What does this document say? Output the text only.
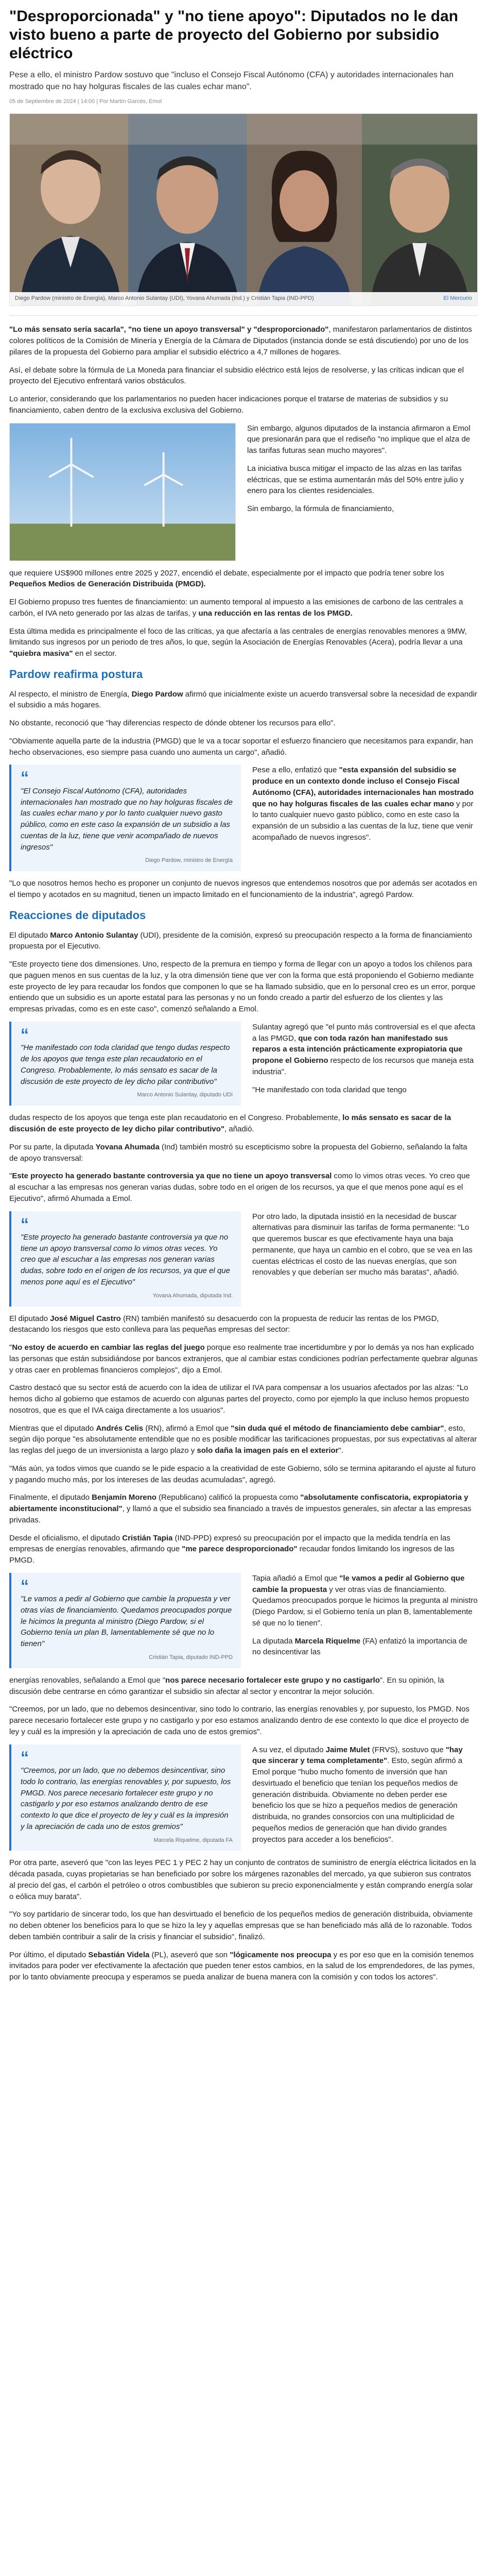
"Desproporcionada" y "no tiene apoyo": Diputados no le dan visto bueno a parte de proyecto del Gobierno por subsidio eléctrico

Pese a ello, el ministro Pardow sostuvo que "incluso el Consejo Fiscal Autónomo (CFA) y autoridades internacionales han mostrado que no hay holguras fiscales de las cuales echar mano".

05 de Septiembre de 2024 | 14:00 | Por Martín Garcés, Emol
Diego Pardow (ministro de Energía), Marco Antonio Sulantay (UDI), Yovana Ahumada (Ind.) y Cristián Tapia (IND-PPD)	El Mercurio

"Lo más sensato sería sacarla", "no tiene un apoyo transversal" y "desproporcionado", manifestaron parlamentarios de distintos colores políticos de la Comisión de Minería y Energía de la Cámara de Diputados (instancia donde se está discutiendo) por uno de los pilares de la propuesta del Gobierno para ampliar el subsidio eléctrico a 4,7 millones de hogares.

Así, el debate sobre la fórmula de La Moneda para financiar el subsidio eléctrico está lejos de resolverse, y las críticas indican que el proyecto del Ejecutivo enfrentará varios obstáculos.

Lo anterior, considerando que los parlamentarios no pueden hacer indicaciones porque el tratarse de materias de subsidios y su financiamiento, caben dentro de la exclusiva exclusiva del Gobierno.

Sin embargo, algunos diputados de la instancia afirmaron a Emol que presionarán para que el rediseño "no implique que el alza de las tarifas futuras sean mucho mayores".

La iniciativa busca mitigar el impacto de las alzas en las tarifas eléctricas, que se estima aumentarán más del 50% entre julio y enero para los clientes residenciales.

Sin embargo, la fórmula de financiamiento,

que requiere US$900 millones entre 2025 y 2027, encendió el debate, especialmente por el impacto que podría tener sobre los Pequeños Medios de Generación Distribuida (PMGD).

El Gobierno propuso tres fuentes de financiamiento: un aumento temporal al impuesto a las emisiones de carbono de las centrales a carbón, el IVA neto generado por las alzas de tarifas, y una reducción en las rentas de los PMGD.

Esta última medida es principalmente el foco de las críticas, ya que afectaría a las centrales de energías renovables menores a 9MW, limitando sus ingresos por un periodo de tres años, lo que, según la Asociación de Energías Renovables (Acera), podría llevar a una "quiebra masiva" en el sector.

Pardow reafirma postura

Al respecto, el ministro de Energía, Diego Pardow afirmó que inicialmente existe un acuerdo transversal sobre la necesidad de expandir el subsidio a más hogares.

No obstante, reconoció que "hay diferencias respecto de dónde obtener los recursos para ello".

"Obviamente aquella parte de la industria (PMGD) que le va a tocar soportar el esfuerzo financiero que necesitamos para expandir, han hecho observaciones, eso siempre pasa cuando uno aumenta un cargo", añadió.

“
"El Consejo Fiscal Autónomo (CFA), autoridades internacionales han mostrado que no hay holguras fiscales de las cuales echar mano y por lo tanto cualquier nuevo gasto público, como en este caso la expansión de un subsidio a las cuentas de la luz, tiene que venir acompañado de nuevos ingresos"
Diego Pardow, ministro de Energía

Pese a ello, enfatizó que "esta expansión del subsidio se produce en un contexto donde incluso el Consejo Fiscal Autónomo (CFA), autoridades internacionales han mostrado que no hay holguras fiscales de las cuales echar mano y por lo tanto cualquier nuevo gasto público, como en este caso la expansión de un subsidio a las cuentas de la luz, tiene que venir acompañado de nuevos ingresos".

"Lo que nosotros hemos hecho es proponer un conjunto de nuevos ingresos que entendemos nosotros que por además ser acotados en el tiempo y acotados en su magnitud, tienen un impacto limitado en el funcionamiento de la industria", agregó Pardow.

Reacciones de diputados

El diputado Marco Antonio Sulantay (UDI), presidente de la comisión, expresó su preocupación respecto a la forma de financiamiento propuesta por el Ejecutivo.

"Este proyecto tiene dos dimensiones. Uno, respecto de la premura en tiempo y forma de llegar con un apoyo a todos los chilenos para que paguen menos en sus cuentas de la luz, y la otra dimensión tiene que ver con la forma que está proponiendo el Gobierno mediante este proyecto de ley para recaudar los fondos que componen lo que se ha llamado subsidio, que en lo personal creo es un error, porque entiendo que un subsidio es un aporte estatal para las personas y no un fondo creado a partir del esfuerzo de los clientes y las empresas privadas, como es en este caso", comenzó señalando a Emol.

“
"He manifestado con toda claridad que tengo dudas respecto de los apoyos que tenga este plan recaudatorio en el Congreso. Probablemente, lo más sensato es sacar de la discusión de este proyecto de ley dicho pilar contributivo"
Marco Antonio Sulantay, diputado UDI

Sulantay agregó que "el punto más controversial es el que afecta a las PMGD, que con toda razón han manifestado sus reparos a esta intención prácticamente expropiatoria que propone el Gobierno respecto de los recursos que maneja esta industria".

"He manifestado con toda claridad que tengo

dudas respecto de los apoyos que tenga este plan recaudatorio en el Congreso. Probablemente, lo más sensato es sacar de la discusión de este proyecto de ley dicho pilar contributivo", añadió.

Por su parte, la diputada Yovana Ahumada (Ind) también mostró su escepticismo sobre la propuesta del Gobierno, señalando la falta de apoyo transversal:

"Este proyecto ha generado bastante controversia ya que no tiene un apoyo transversal como lo vimos otras veces. Yo creo que al escuchar a las empresas nos generan varias dudas, sobre todo en el origen de los recursos, ya que el que menos pone aquí es el Ejecutivo", afirmó Ahumada a Emol.

“
"Este proyecto ha generado bastante controversia ya que no tiene un apoyo transversal como lo vimos otras veces. Yo creo que al escuchar a las empresas nos generan varias dudas, sobre todo en el origen de los recursos, ya que el que menos pone aquí es el Ejecutivo"
Yovana Ahumada, diputada Ind.

Por otro lado, la diputada insistió en la necesidad de buscar alternativas para disminuir las tarifas de forma permanente: "Lo que queremos buscar es que efectivamente haya una baja permanente, que haya un cambio en el cobro, que se vea en las cuentas eléctricas el costo de las nuevas energías, que son renovables y que deberían ser mucho más baratas", añadió.

El diputado José Miguel Castro (RN) también manifestó su desacuerdo con la propuesta de reducir las rentas de los PMGD, destacando los riesgos que esto conlleva para las pequeñas empresas del sector:

"No estoy de acuerdo en cambiar las reglas del juego porque eso realmente trae incertidumbre y por lo demás ya nos han explicado las personas que están subsidiándose por bancos extranjeros, que al cambiar estas condiciones podrían perfectamente quebrar algunas y otras caer en problemas financieros complejos", dijo a Emol.

Castro destacó que su sector está de acuerdo con la idea de utilizar el IVA para compensar a los usuarios afectados por las alzas: "Lo hemos dicho al gobierno que estamos de acuerdo con algunas partes del proyecto, como por ejemplo la que incluso hemos propuesto nosotros, que es que el IVA caiga directamente a los usuarios".

Mientras que el diputado Andrés Celis (RN), afirmó a Emol que "sin duda qué el método de financiamiento debe cambiar", esto, según dijo porque "es absolutamente entendible que no es posible modificar las tarificaciones propuestas, por sus expectativas al alterar las reglas del juego de un inversionista a largo plazo y solo daña la imagen país en el exterior".

"Más aún, ya todos vimos que cuando se le pide espacio a la creatividad de este Gobierno, sólo se termina apitarando el ajuste al futuro y pagando mucho más, por los intereses de las deudas acumuladas", agregó.

Finalmente, el diputado Benjamín Moreno (Republicano) calificó la propuesta como "absolutamente confiscatoria, expropiatoria y abiertamente inconstitucional", y llamó a que el subsidio sea financiado a través de impuestos generales, sin afectar a las empresas privadas.

Desde el oficialismo, el diputado Cristián Tapia (IND-PPD) expresó su preocupación por el impacto que la medida tendría en las empresas de energías renovables, afirmando que "me parece desproporcionado" recaudar fondos limitando los ingresos de las PMGD.

“
"Le vamos a pedir al Gobierno que cambie la propuesta y ver otras vías de financiamiento. Quedamos preocupados porque le hicimos la pregunta al ministro (Diego Pardow, si el Gobierno tenía un plan B, lamentablemente sé que no lo tienen"
Cristián Tapia, diputado IND-PPD

Tapia añadió a Emol que "le vamos a pedir al Gobierno que cambie la propuesta y ver otras vías de financiamiento. Quedamos preocupados porque le hicimos la pregunta al ministro (Diego Pardow, si el Gobierno tenía un plan B, lamentablemente sé que no lo tienen".

La diputada Marcela Riquelme (FA) enfatizó la importancia de no desincentivar las

energías renovables, señalando a Emol que "nos parece necesario fortalecer este grupo y no castigarlo". En su opinión, la discusión debe centrarse en cómo garantizar el subsidio sin afectar al sector y encontrar la mejor solución.

"Creemos, por un lado, que no debemos desincentivar, sino todo lo contrario, las energías renovables y, por supuesto, los PMGD. Nos parece necesario fortalecer este grupo y no castigarlo y por eso estamos analizando dentro de ese contexto lo que dice el proyecto de ley y cuál es la impresión y la apreciación de cada uno de estos gremios".

“
"Creemos, por un lado, que no debemos desincentivar, sino todo lo contrario, las energías renovables y, por supuesto, los PMGD. Nos parece necesario fortalecer este grupo y no castigarlo y por eso estamos analizando dentro de ese contexto lo que dice el proyecto de ley y cuál es la impresión y la apreciación de cada uno de estos gremios"
Marcela Riquelme, diputada FA

A su vez, el diputado Jaime Mulet (FRVS), sostuvo que "hay que sincerar y tema completamente". Esto, según afirmó a Emol porque "hubo mucho fomento de inversión que han desvirtuado el beneficio que tenían los pequeños medios de generación distribuida. Obviamente no deben perder ese beneficio los que se hizo a pequeños medios de generación distribuida, no grandes consorcios con una multiplicidad de pequeños medios de generación que han divido grandes proyectos para acceder a los beneficios".

Por otra parte, aseveró que "con las leyes PEC 1 y PEC 2 hay un conjunto de contratos de suministro de energía eléctrica licitados en la década pasada, cuyas propietarias se han beneficiado por sobre los márgenes razonables del mercado, ya que subieron sus contratos al precio del gas, el carbón el petróleo o otros combustibles que subieron su precio exponencialmente y están comprando energía solar o eólica muy barata".

"Yo soy partidario de sincerar todo, los que han desvirtuado el beneficio de los pequeños medios de generación distribuida, obviamente no deben obtener los beneficios para lo que se hizo la ley y aquellas empresas que se han beneficiado más allá de lo razonable. Todos deben también contribuir a salir de la crisis y financiar el subsidio", finalizó.

Por último, el diputado Sebastián Videla (PL), aseveró que son "lógicamente nos preocupa y es por eso que en la comisión tenemos invitados para poder ver efectivamente la afectación que pueden tener estos cambios, en la salud de los emprendedores, de las pymes, por lo tanto obviamente preocupa y esperamos se pueda analizar de buena manera con la comisión y con todos los actores".
